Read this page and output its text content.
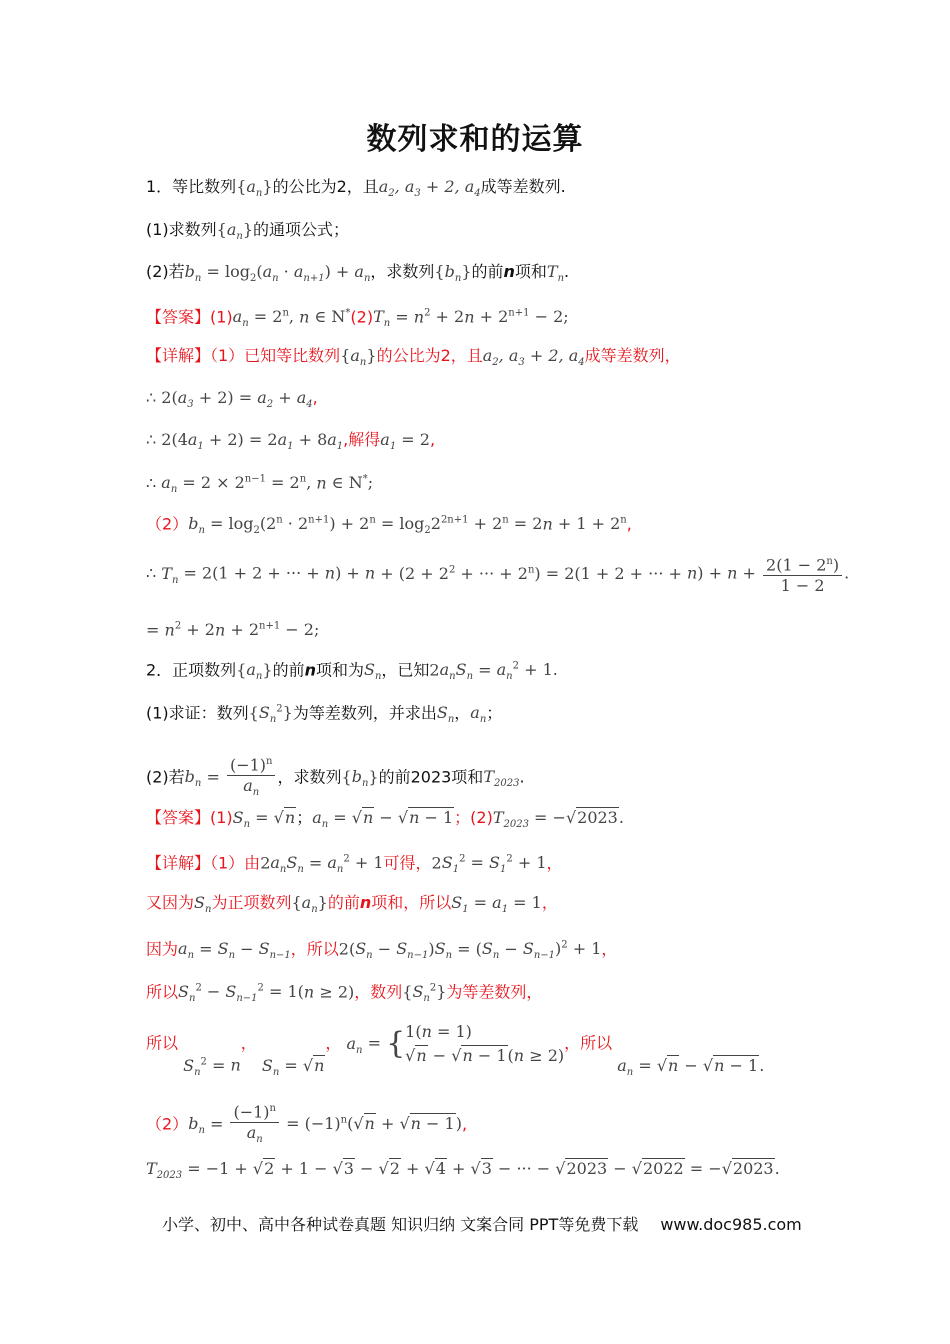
数列求和的运算
1．等比数列$\{a_n\}$的公比为2，且$a_2$, $a_3 + 2$, $a_4$成等差数列.
(1)求数列$\{a_n\}$的通项公式；
(2)若$b_n = \log_2(a_n \cdot a_{n+1}) + a_n$，求数列$\{b_n\}$的前n项和$T_n$.
【答案】$(1)a_n = 2^n$, n ∈ $N^*(2)T_n = n^2 + 2n + 2^{n+1} - 2$;
【详解】（1）已知等比数列$\{a_n\}$的公比为2，且$a_2$, $a_3 + 2$, $a_4$成等差数列，
∴ $2(a_3 + 2) = a_2 + a_4$,
∴ $2(4a_1 + 2) = 2a_1 + 8a_1$,解得$a_1 = 2$,
∴ $a_n = 2 \times 2^{n-1} = 2^n$, n ∈ N*;
$(2)b_n = \log_2(2^n \cdot 2^{n+1}) + 2^n = \log_22^{2n+1} + 2^n = 2n + 1 + 2^n$,
∴ $T_n = 2(1 + 2$ + ··· + $n) + n + (2 + 2^2$ + ··· + $2^n) = 2(1 + 2$ + ··· + $n) + n + \frac{2(1 - 2^n)}{1 - 2}$ .
= $n^2 + 2n + 2^{n+1} - 2$;
2．正项数列$\{a_n\}$的前n项和为$S_n$，已知$2a_nS_n = a_n^2 + 1$.
(1)求证：数列$\{S_n^2\}$为等差数列，并求出$S_n$，$a_n$；
(2)若$b_n = \frac{(-1)^n}{a_n}$ ，求数列$\{b_n\}$的前2023项和$T_{2023}$.
【答案】$(1)S_n = √n$；$a_n = √n - √n - 1$；$(2)T_{2023} = -√2023$.
【详解】（1）由$2a_nS_n = a_n^2 + 1$可得，$2S_1^2 = S_1^2 + 1$，
又因为$S_n$为正项数列$\{a_n\}$的前n项和，所以$S_1 = a_1 = 1$，
因为$a_n = S_n - S_{n-1}$，所以$2(S_n - S_{n-1})S_n = (S_n - S_{n-1})^2 + 1$，
所以$S_n^2 - S_{n-1}^2 = 1(n \ge 2)$，数列$\{S_n^2\}$为等差数列，
所以 $S_n^2 = n$， $S_n = √n$， $a_n$ = { 1(n = 1)
√n − √n − 1(n ≥ 2)
，所以 $a_n = √n - √n - 1$.
$(2)b_n = \frac{(-1)^n}{a_n} = (-1)^n(√n + √n - 1)$,
$T_{2023} = -1 + √2 + 1 - √3 - √2 + √4 + √3$ − ··· − √2023 − √2022 = −√2023.
小学、初中、高中各种试卷真题 知识归纳 文案合同 PPT等免费下载 www.doc985.com
